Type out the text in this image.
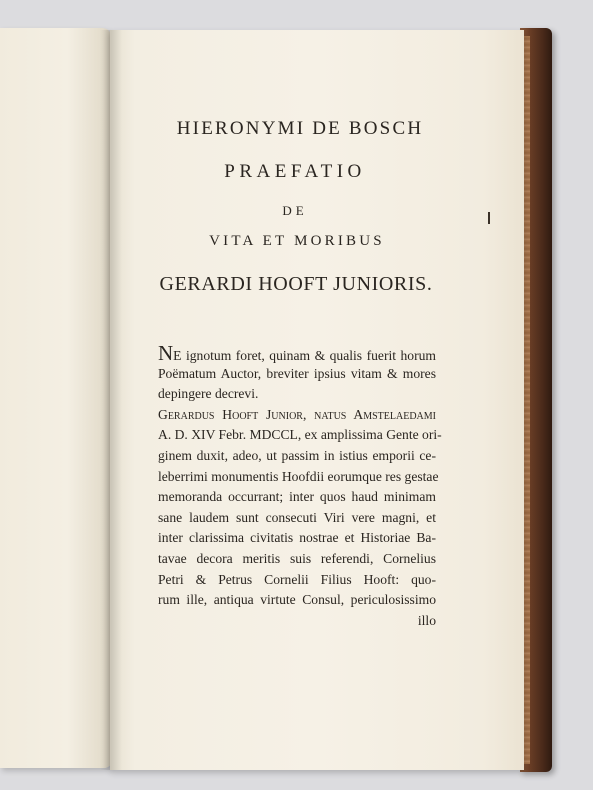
HIERONYMI DE BOSCH
PRAEFATIO
DE
VITA ET MORIBUS
GERARDI HOOFT JUNIORIS.
NE ignotum foret, quinam & qualis fuerit horum
Poëmatum Auctor, breviter ipsius vitam & mores
depingere decrevi.
Gerardus Hooft Junior, natus Amstelaedami
A. D. XIV Febr. MDCCL, ex amplissima Gente ori-
ginem duxit, adeo, ut passim in istius emporii ce-
leberrimi monumentis Hoofdii eorumque res gestae
memoranda occurrant; inter quos haud minimam
sane laudem sunt consecuti Viri vere magni, et
inter clarissima civitatis nostrae et Historiae Ba-
tavae decora meritis suis referendi, Cornelius
Petri & Petrus Cornelii Filius Hooft: quo-
rum ille, antiqua virtute Consul, periculosissimo
illo
